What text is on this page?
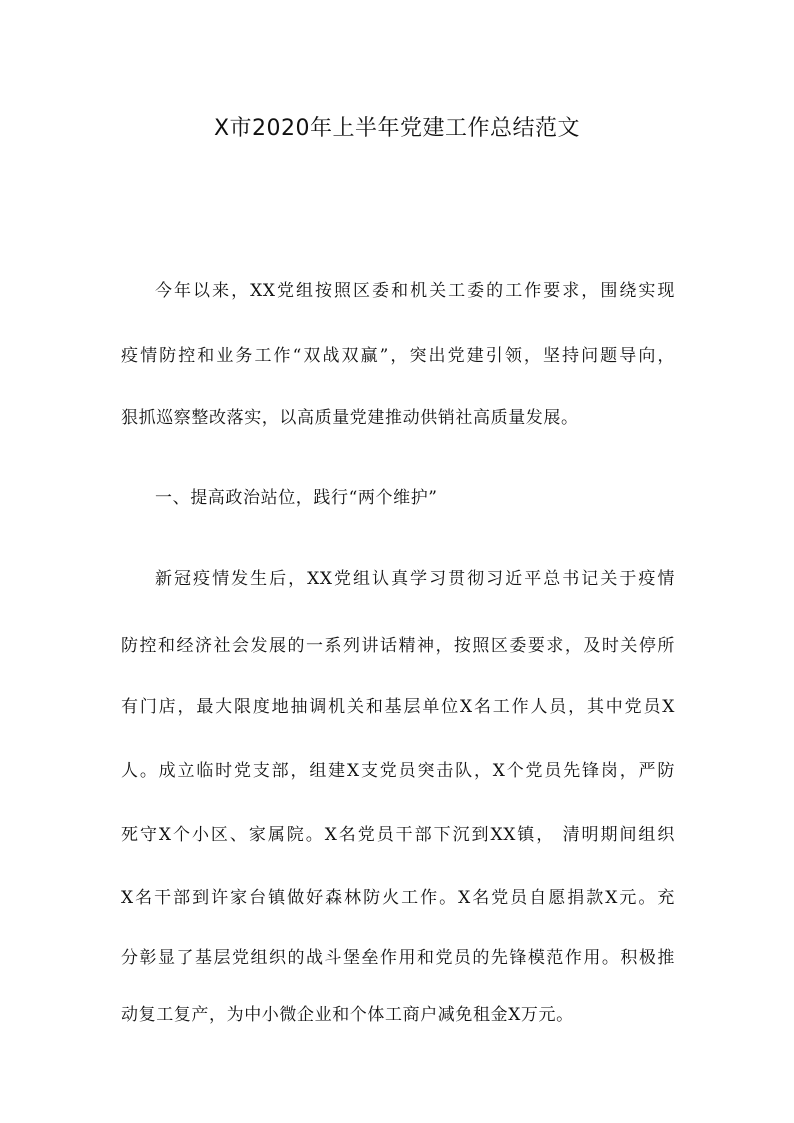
X市2020年上半年党建工作总结范文
今年以来，XX党组按照区委和机关工委的工作要求，围绕实现
疫情防控和业务工作“双战双赢”，突出党建引领，坚持问题导向，
狠抓巡察整改落实，以高质量党建推动供销社高质量发展。
一、提高政治站位，践行“两个维护”
新冠疫情发生后，XX党组认真学习贯彻习近平总书记关于疫情
防控和经济社会发展的一系列讲话精神，按照区委要求，及时关停所
有门店，最大限度地抽调机关和基层单位X名工作人员，其中党员X
人。成立临时党支部，组建X支党员突击队，X个党员先锋岗，严防
死守X个小区、家属院。X名党员干部下沉到XX镇， 清明期间组织
X名干部到许家台镇做好森林防火工作。X名党员自愿捐款X元。充
分彰显了基层党组织的战斗堡垒作用和党员的先锋模范作用。积极推
动复工复产，为中小微企业和个体工商户减免租金X万元。
